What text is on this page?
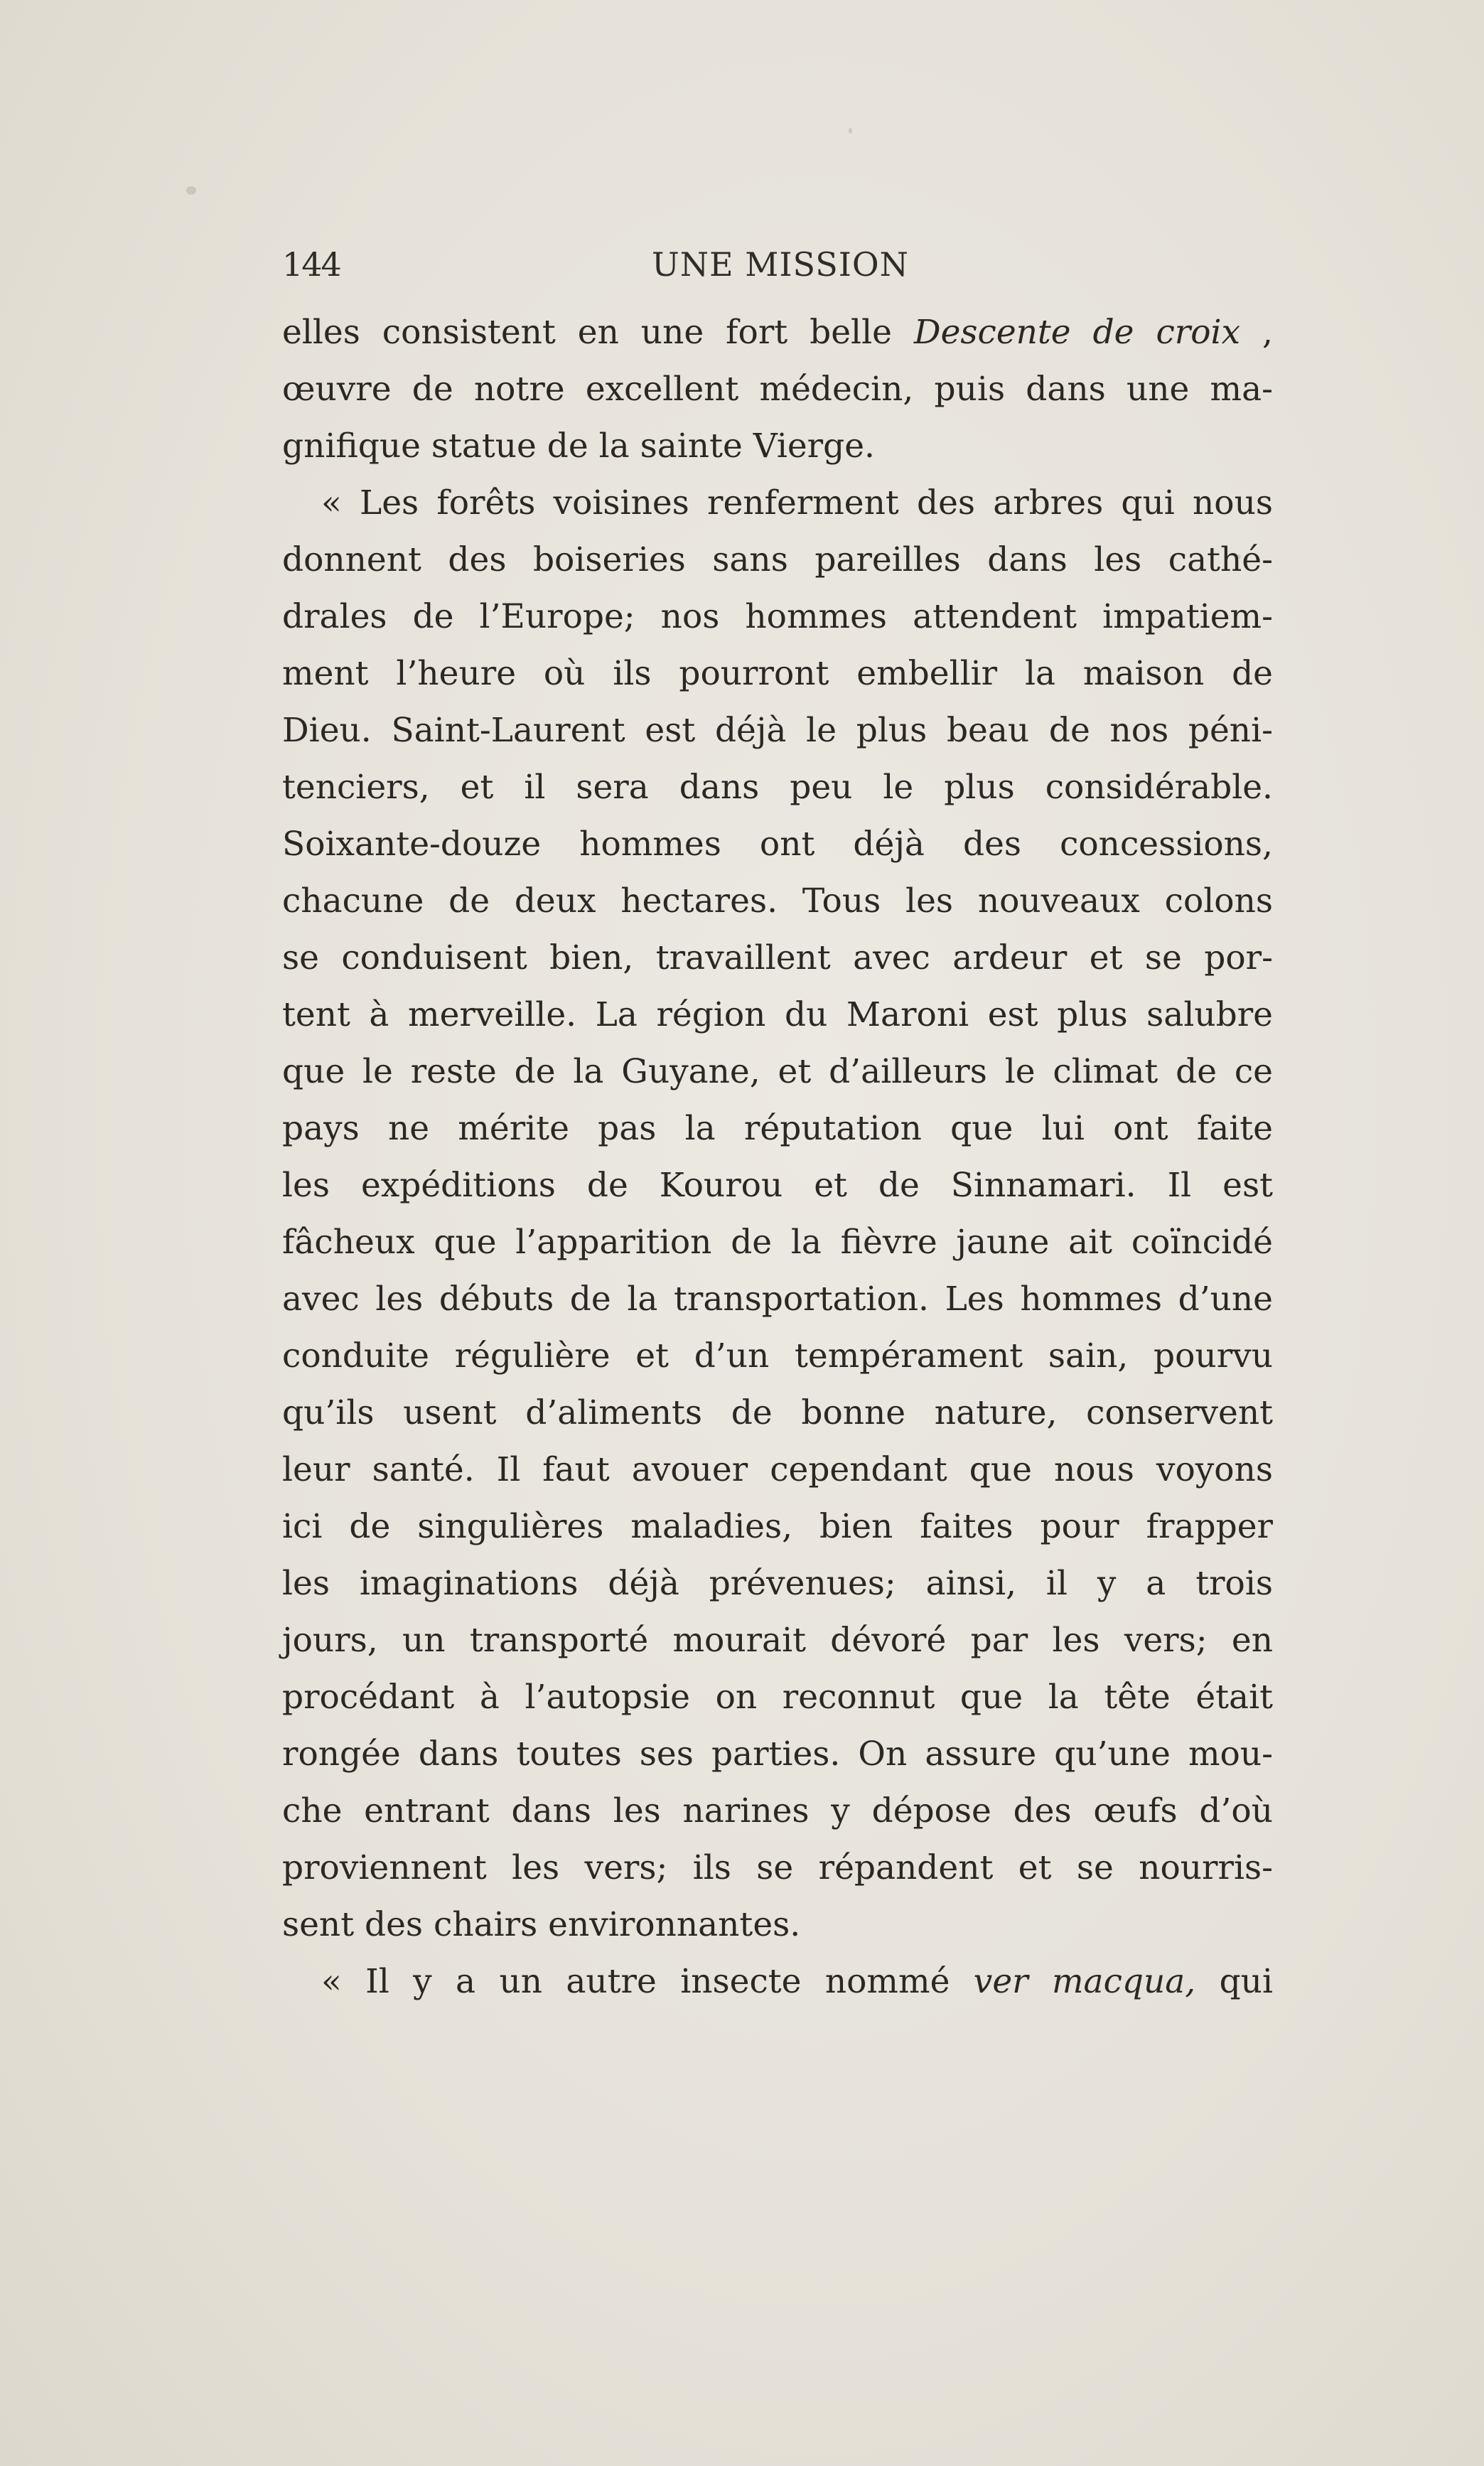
144	UNE MISSION
elles consistent en une fort belle Descente de croix ,
œuvre de notre excellent médecin, puis dans une ma-
gnifique statue de la sainte Vierge.
« Les forêts voisines renferment des arbres qui nous
donnent des boiseries sans pareilles dans les cathé-
drales de l’Europe; nos hommes attendent impatiem-
ment l’heure où ils pourront embellir la maison de
Dieu. Saint-Laurent est déjà le plus beau de nos péni-
tenciers, et il sera dans peu le plus considérable.
Soixante-douze hommes ont déjà des concessions,
chacune de deux hectares. Tous les nouveaux colons
se conduisent bien, travaillent avec ardeur et se por-
tent à merveille. La région du Maroni est plus salubre
que le reste de la Guyane, et d’ailleurs le climat de ce
pays ne mérite pas la réputation que lui ont faite
les expéditions de Kourou et de Sinnamari. Il est
fâcheux que l’apparition de la fièvre jaune ait coïncidé
avec les débuts de la transportation. Les hommes d’une
conduite régulière et d’un tempérament sain, pourvu
qu’ils usent d’aliments de bonne nature, conservent
leur santé. Il faut avouer cependant que nous voyons
ici de singulières maladies, bien faites pour frapper
les imaginations déjà prévenues; ainsi, il y a trois
jours, un transporté mourait dévoré par les vers; en
procédant à l’autopsie on reconnut que la tête était
rongée dans toutes ses parties. On assure qu’une mou-
che entrant dans les narines y dépose des œufs d’où
proviennent les vers; ils se répandent et se nourris-
sent des chairs environnantes.
« Il y a un autre insecte nommé ver macqua, qui
